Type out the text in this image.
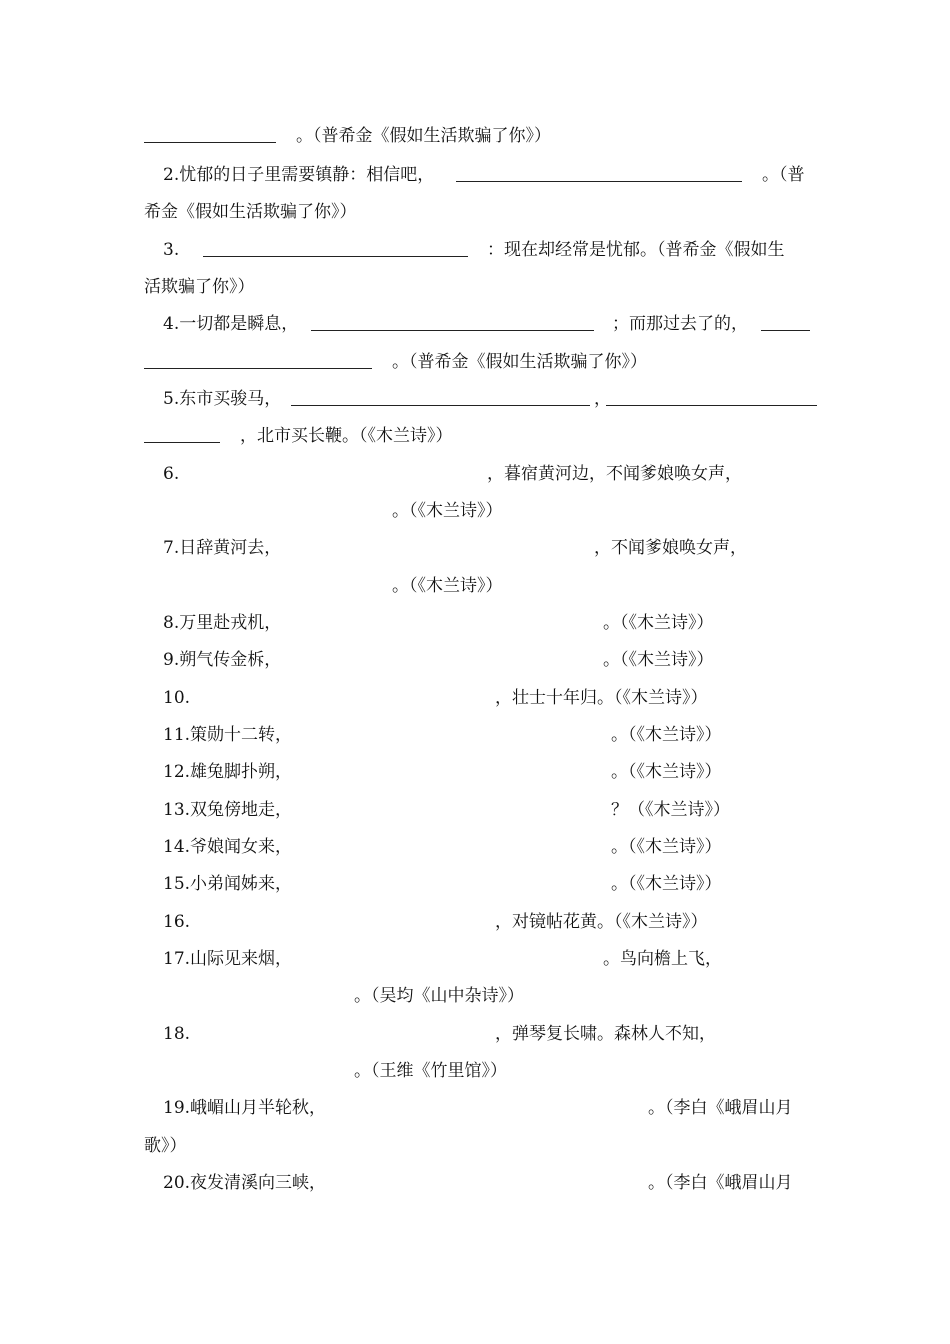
。（普希金《假如生活欺骗了你》）
2.忧郁的日子里需要镇静：相信吧，	。（普
希金《假如生活欺骗了你》）
3.	：现在却经常是忧郁。（普希金《假如生
活欺骗了你》）
4.一切都是瞬息，	；而那过去了的，
。（普希金《假如生活欺骗了你》）
5.东市买骏马，	，
，北市买长鞭。（《木兰诗》）
6.	，暮宿黄河边，不闻爹娘唤女声，
。（《木兰诗》）
7.日辞黄河去，	，不闻爹娘唤女声，
。（《木兰诗》）
8.万里赴戎机，	。（《木兰诗》）
9.朔气传金柝，	。（《木兰诗》）
10.	，壮士十年归。（《木兰诗》）
11.策勋十二转，	。（《木兰诗》）
12.雄兔脚扑朔，	。（《木兰诗》）
13.双兔傍地走，	？（《木兰诗》）
14.爷娘闻女来，	。（《木兰诗》）
15.小弟闻姊来，	。（《木兰诗》）
16.	，对镜帖花黄。（《木兰诗》）
17.山际见来烟，	。鸟向檐上飞，
。（吴均《山中杂诗》）
18.	，弹琴复长啸。森林人不知，
。（王维《竹里馆》）
19.峨嵋山月半轮秋，	。（李白《峨眉山月
歌》）
20.夜发清溪向三峡，	。（李白《峨眉山月
